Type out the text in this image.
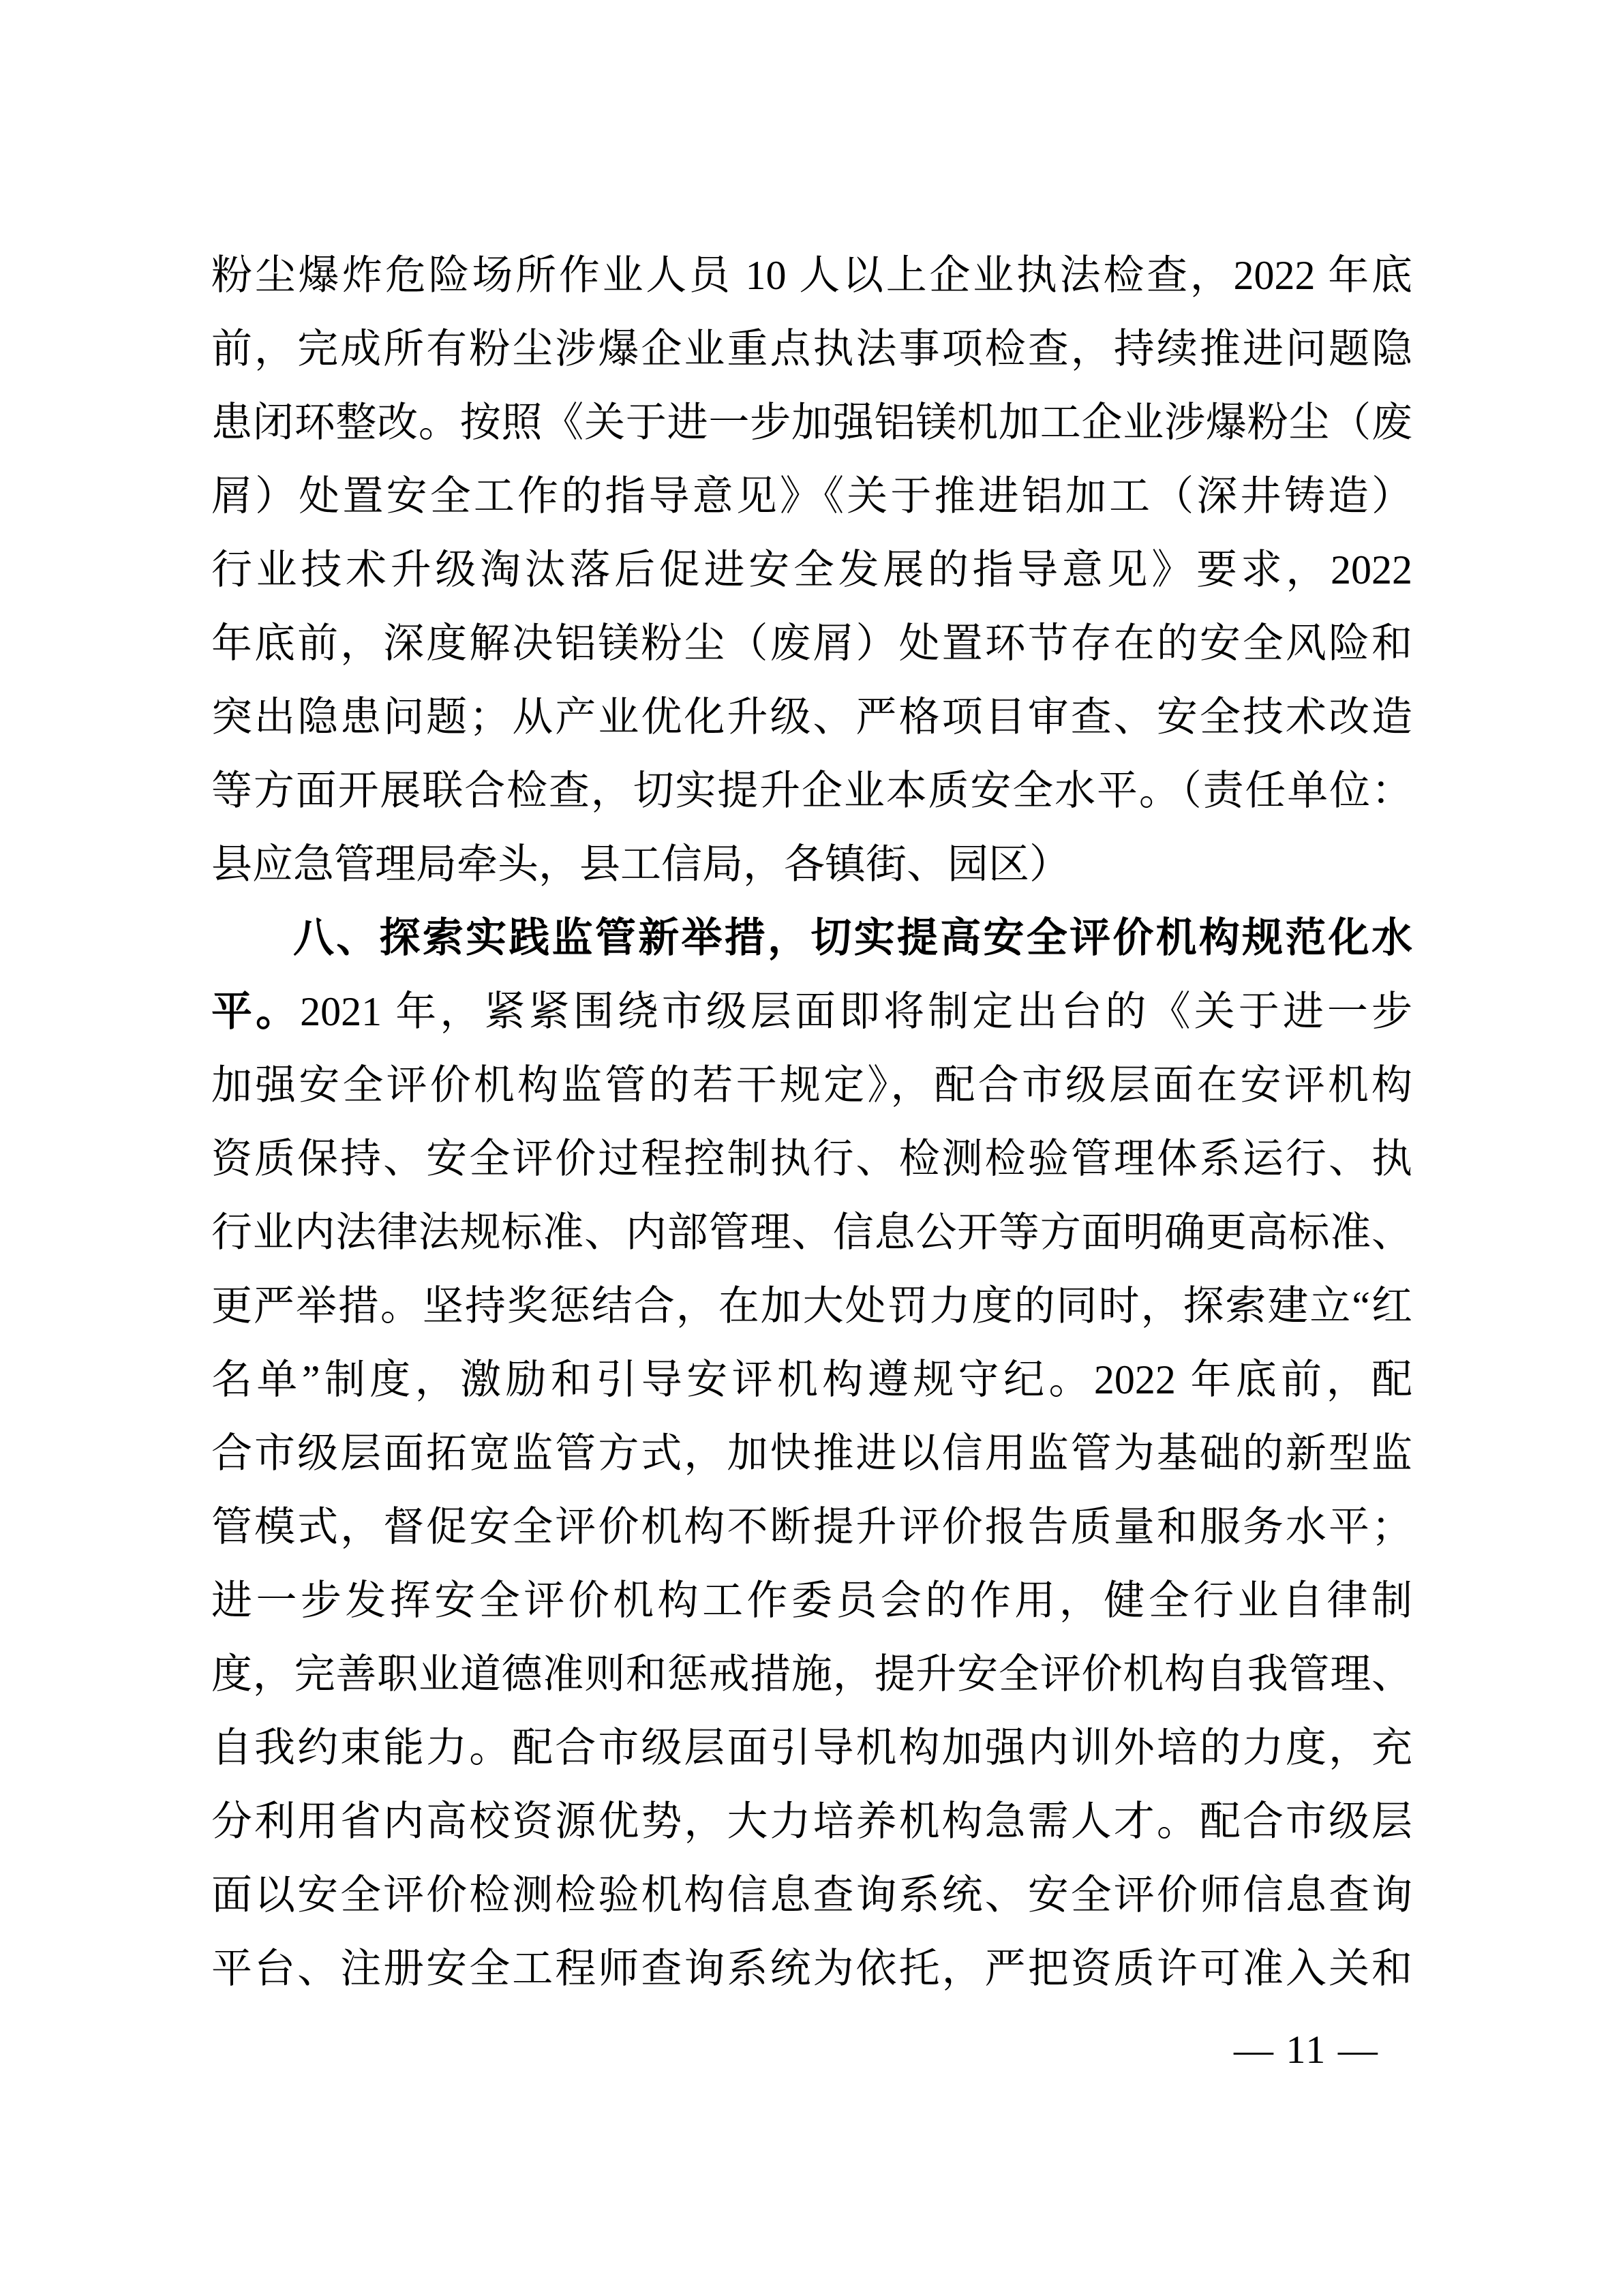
粉尘爆炸危险场所作业人员 10 人以上企业执法检查，2022 年底
前，完成所有粉尘涉爆企业重点执法事项检查，持续推进问题隐
患闭环整改。按照《关于进一步加强铝镁机加工企业涉爆粉尘（废
屑）处置安全工作的指导意见》《关于推进铝加工（深井铸造）
行业技术升级淘汰落后促进安全发展的指导意见》要求，2022
年底前，深度解决铝镁粉尘（废屑）处置环节存在的安全风险和
突出隐患问题；从产业优化升级、严格项目审查、安全技术改造
等方面开展联合检查，切实提升企业本质安全水平。（责任单位：
县应急管理局牵头，县工信局，各镇街、园区）
八、探索实践监管新举措，切实提高安全评价机构规范化水
平。2021 年，紧紧围绕市级层面即将制定出台的《关于进一步
加强安全评价机构监管的若干规定》，配合市级层面在安评机构
资质保持、安全评价过程控制执行、检测检验管理体系运行、执
行业内法律法规标准、内部管理、信息公开等方面明确更高标准、
更严举措。坚持奖惩结合，在加大处罚力度的同时，探索建立“红
名单”制度，激励和引导安评机构遵规守纪。2022 年底前，配
合市级层面拓宽监管方式，加快推进以信用监管为基础的新型监
管模式，督促安全评价机构不断提升评价报告质量和服务水平；
进一步发挥安全评价机构工作委员会的作用，健全行业自律制
度，完善职业道德准则和惩戒措施，提升安全评价机构自我管理、
自我约束能力。配合市级层面引导机构加强内训外培的力度，充
分利用省内高校资源优势，大力培养机构急需人才。配合市级层
面以安全评价检测检验机构信息查询系统、安全评价师信息查询
平台、注册安全工程师查询系统为依托，严把资质许可准入关和
— 11 —
